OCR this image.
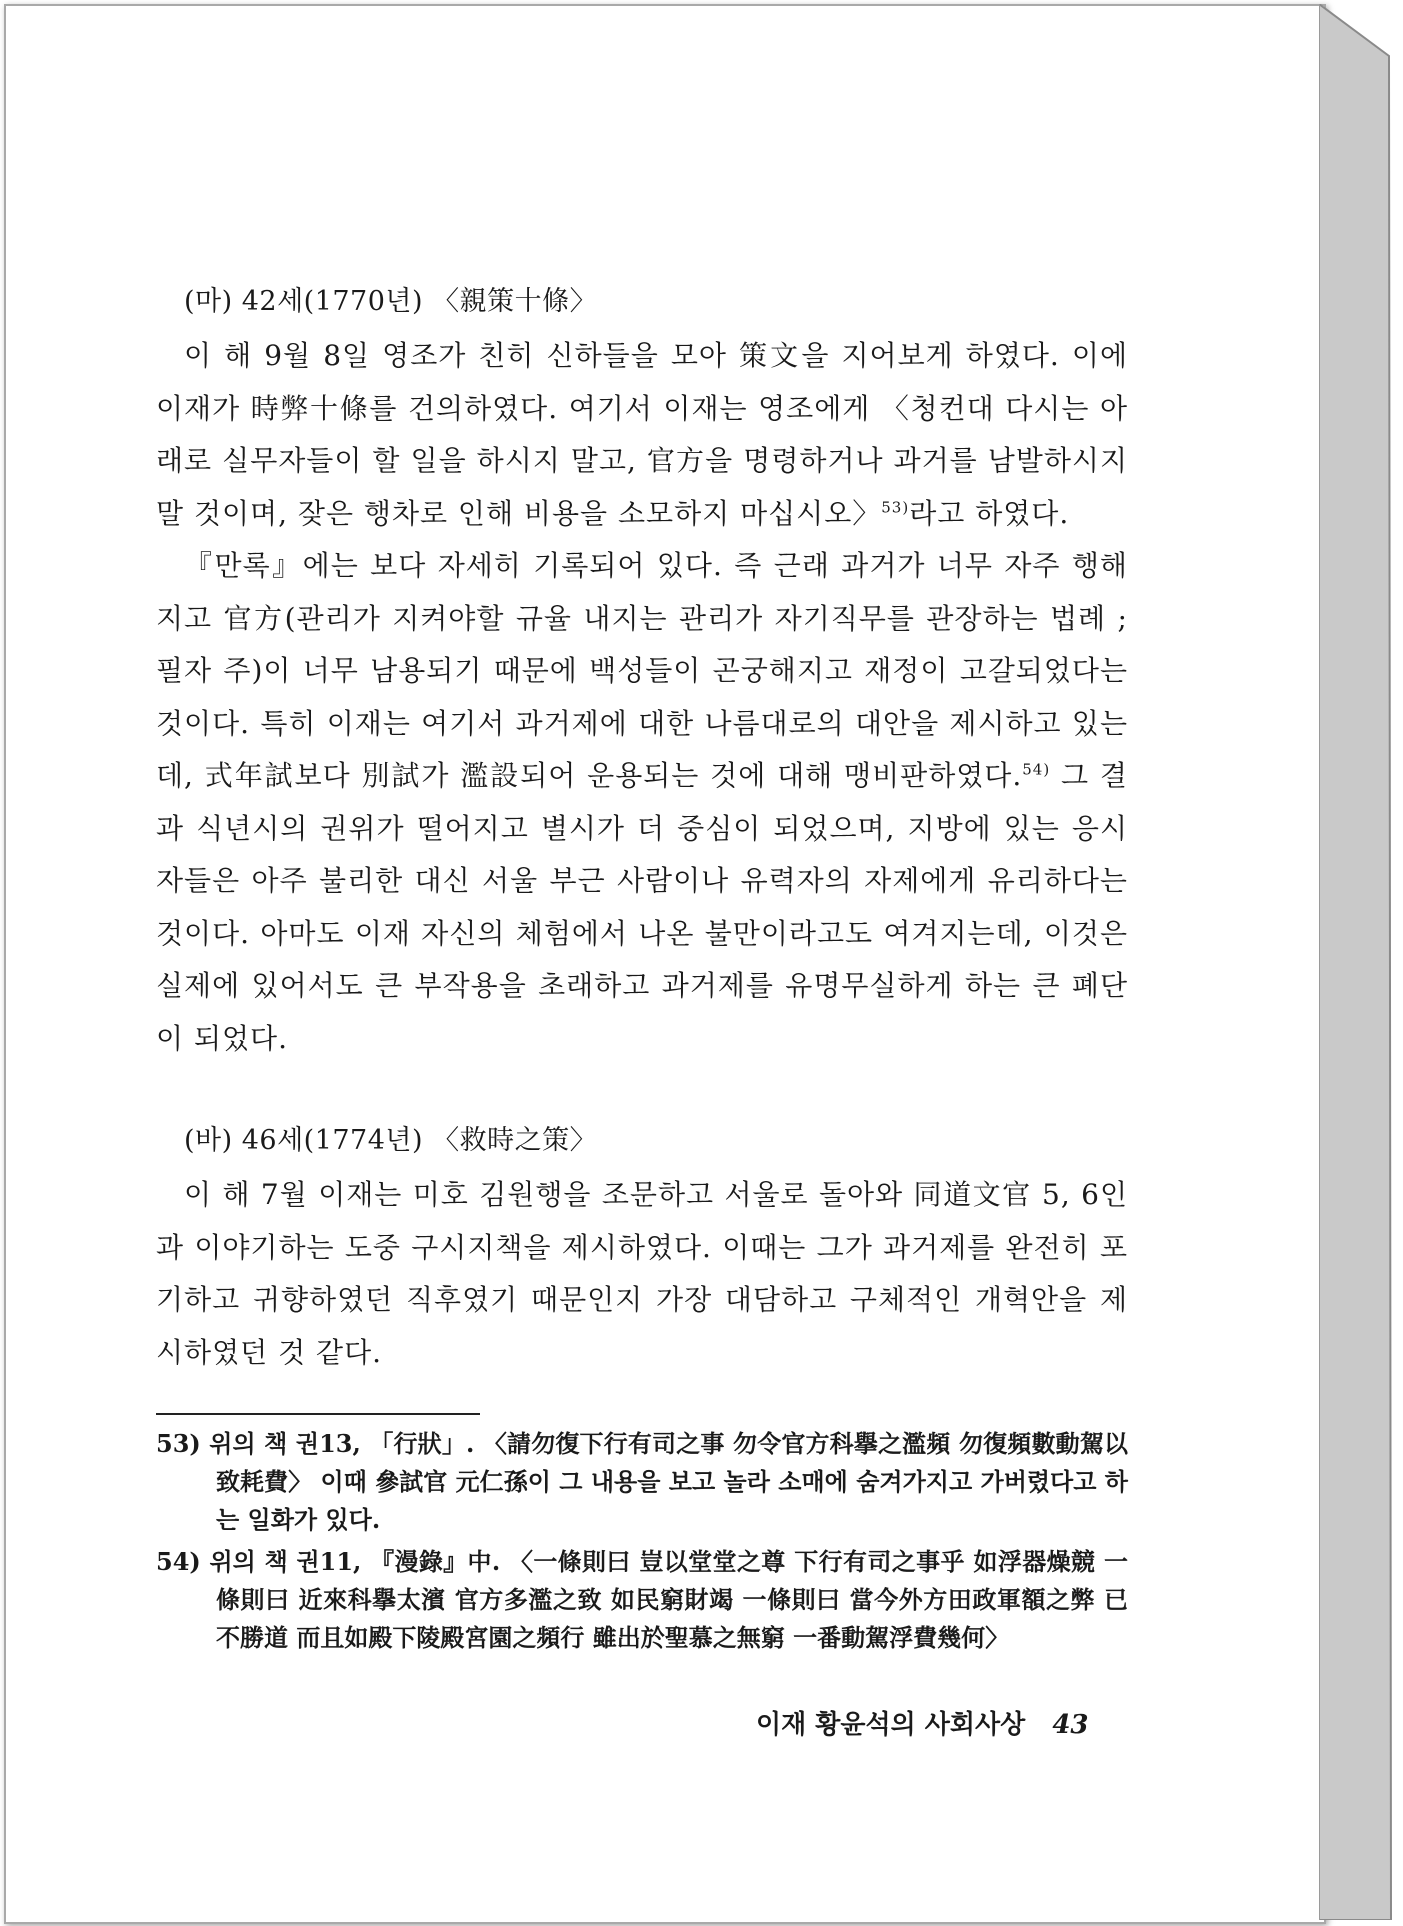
(마) 42세(1770년) 〈親策十條〉

이 해 9월 8일 영조가 친히 신하들을 모아 策文을 지어보게 하였다. 이에 이재가 時弊十條를 건의하였다. 여기서 이재는 영조에게 〈청컨대 다시는 아래로 실무자들이 할 일을 하시지 말고, 官方을 명령하거나 과거를 남발하시지 말 것이며, 잦은 행차로 인해 비용을 소모하지 마십시오〉$^{53)}$라고 하였다.

『만록』에는 보다 자세히 기록되어 있다. 즉 근래 과거가 너무 자주 행해지고 官方(관리가 지켜야할 규율 내지는 관리가 자기직무를 관장하는 법례 ; 필자 주)이 너무 남용되기 때문에 백성들이 곤궁해지고 재정이 고갈되었다는 것이다. 특히 이재는 여기서 과거제에 대한 나름대로의 대안을 제시하고 있는데, 式年試보다 別試가 濫設되어 운용되는 것에 대해 맹비판하였다.$^{54)}$ 그 결과 식년시의 권위가 떨어지고 별시가 더 중심이 되었으며, 지방에 있는 응시자들은 아주 불리한 대신 서울 부근 사람이나 유력자의 자제에게 유리하다는 것이다. 아마도 이재 자신의 체험에서 나온 불만이라고도 여겨지는데, 이것은 실제에 있어서도 큰 부작용을 초래하고 과거제를 유명무실하게 하는 큰 폐단이 되었다.

(바) 46세(1774년) 〈救時之策〉

이 해 7월 이재는 미호 김원행을 조문하고 서울로 돌아와 同道文官 5, 6인과 이야기하는 도중 구시지책을 제시하였다. 이때는 그가 과거제를 완전히 포기하고 귀향하였던 직후였기 때문인지 가장 대담하고 구체적인 개혁안을 제시하였던 것 같다.

53) 위의 책 권13, 「行狀」. 〈請勿復下行有司之事 勿令官方科擧之濫頻 勿復頻數動駕以致耗費〉 이때 參試官 元仁孫이 그 내용을 보고 놀라 소매에 숨겨가지고 가버렸다고 하는 일화가 있다.

54) 위의 책 권11, 『漫錄』中. 〈一條則曰 豈以堂堂之尊 下行有司之事乎 如浮器燥競 一條則曰 近來科擧太濱 官方多濫之致 如民窮財竭 一條則曰 當今外方田政軍額之弊 已不勝道 而且如殿下陵殿宮園之頻行 雖出於聖慕之無窮 一番動駕浮費幾何〉

이재 황윤석의 사회사상 43
